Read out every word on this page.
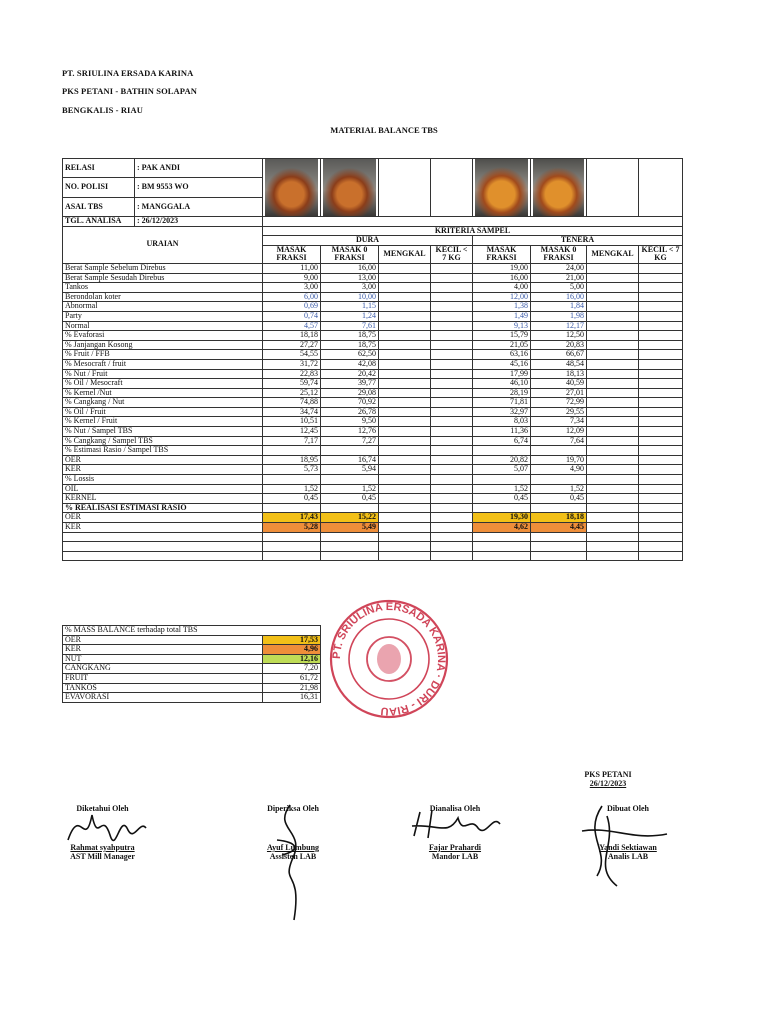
PT. SRIULINA ERSADA KARINA
PKS PETANI - BATHIN SOLAPAN
BENGKALIS - RIAU
MATERIAL BALANCE TBS
RELASI	: PAK ANDI	

NO. POLISI	: BM 9553 WO								
ASAL TBS	: MANGGALA								
TGL. ANALISA	: 26/12/2023								
URAIAN		KRITERIA SAMPEL							
		DURA				TENERA			
		MASAK FRAKSI	MASAK 0 FRAKSI	MENGKAL	KECIL < 7 KG	MASAK FRAKSI	MASAK 0 FRAKSI	MENGKAL	KECIL < 7 KG

Berat Sample Sebelum Direbus		11,00	16,00			19,00	24,00		
Berat Sample Sesudah Direbus		9,00	13,00			16,00	21,00		
Tankos		3,00	3,00			4,00	5,00		
Berondolan koter		6,00	10,00			12,00	16,00		
Abnormal		0,69	1,15			1,38	1,84		
Party		0,74	1,24			1,49	1,98		
Normal		4,57	7,61			9,13	12,17		
% Evaforasi		18,18	18,75			15,79	12,50		
% Janjangan Kosong		27,27	18,75			21,05	20,83		
% Fruit / FFB		54,55	62,50			63,16	66,67		
% Mesocraft / fruit		31,72	42,08			45,16	48,54		
% Nut / Fruit		22,83	20,42			17,99	18,13		
% Oil / Mesocraft		59,74	39,77			46,10	40,59		
% Kernel /Nut		25,12	29,08			28,19	27,01		
% Cangkang / Nut		74,88	70,92			71,81	72,99		
% Oil / Fruit		34,74	26,78			32,97	29,55		
% Kernel / Fruit		10,51	9,50			8,03	7,34		
% Nut / Sampel TBS		12,45	12,76			11,36	12,09		
% Cangkang / Sampel TBS		7,17	7,27			6,74	7,64		
% Estimasi Rasio / Sampel TBS									
OER		18,95	16,74			20,82	19,70		
KER		5,73	5,94			5,07	4,90		
% Lossis									
OIL		1,52	1,52			1,52	1,52		
KERNEL		0,45	0,45			0,45	0,45		
% REALISASI ESTIMASI RASIO									
OER		17,43	15,22			19,30	18,18		
KER		5,28	5,49			4,62	4,45		

% MASS BALANCE terhadap total TBS	
OER	17,53
KER	4,96
NUT	12,16
CANGKANG	7,20
FRUIT	61,72
TANKOS	21,98
EVAVORASI	16,31
PT. SRIULINA ERSADA KARINA · DURI - RIAU
PKS PETANI
26/12/2023
Diketahui Oleh
Rahmat syahputra
AST Mill Manager
Diperiksa Oleh
Ayuf Lumbung
Assisten LAB
Dianalisa Oleh
Fajar Prahardi
Mandor LAB
Dibuat Oleh
Yandi Sektiawan
Analis LAB
